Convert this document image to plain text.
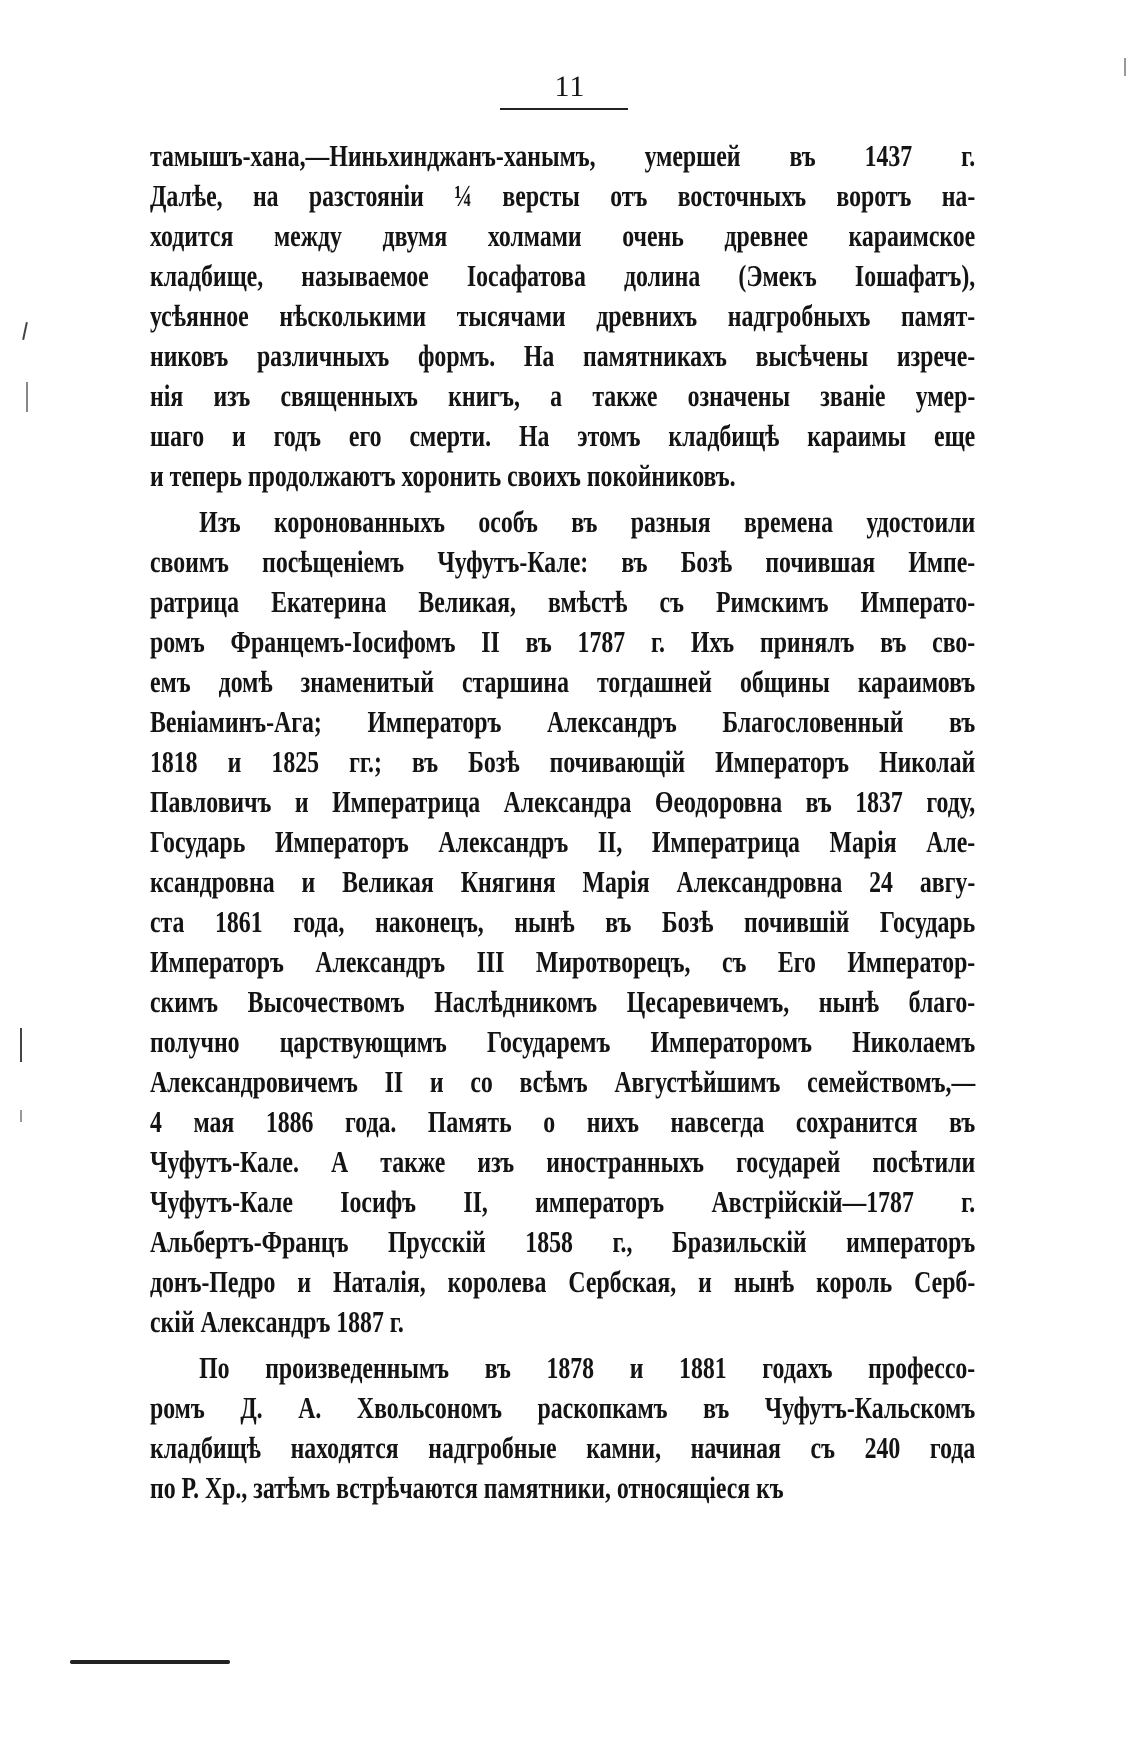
11
тамышъ-хана,—Ниньхинджанъ-ханымъ, умершей въ 1437 г.
Далѣе, на разстояніи ¼ версты отъ восточныхъ воротъ на-
ходится между двумя холмами очень древнее караимское
кладбище, называемое Іосафатова долина (Эмекъ Іошафатъ),
усѣянное нѣсколькими тысячами древнихъ надгробныхъ памят-
никовъ различныхъ формъ. На памятникахъ высѣчены изрече-
нія изъ священныхъ книгъ, а также означены званіе умер-
шаго и годъ его смерти. На этомъ кладбищѣ караимы еще
и теперь продолжаютъ хоронить своихъ покойниковъ.
Изъ коронованныхъ особъ въ разныя времена удостоили
своимъ посѣщеніемъ Чуфутъ-Кале: въ Бозѣ почившая Импе-
ратрица Екатерина Великая, вмѣстѣ съ Римскимъ Императо-
ромъ Францемъ-Іосифомъ II въ 1787 г. Ихъ принялъ въ сво-
емъ домѣ знаменитый старшина тогдашней общины караимовъ
Веніаминъ-Ага; Императоръ Александръ Благословенный въ
1818 и 1825 гг.; въ Бозѣ почивающій Императоръ Николай
Павловичъ и Императрица Александра Өеодоровна въ 1837 году,
Государь Императоръ Александръ II, Императрица Марія Але-
ксандровна и Великая Княгиня Марія Александровна 24 авгу-
ста 1861 года, наконецъ, нынѣ въ Бозѣ почившій Государь
Императоръ Александръ III Миротворецъ, съ Его Император-
скимъ Высочествомъ Наслѣдникомъ Цесаревичемъ, нынѣ благо-
получно царствующимъ Государемъ Императоромъ Николаемъ
Александровичемъ II и со всѣмъ Августѣйшимъ семействомъ,—
4 мая 1886 года. Память о нихъ навсегда сохранится въ
Чуфутъ-Кале. А также изъ иностранныхъ государей посѣтили
Чуфутъ-Кале Іосифъ II, императоръ Австрійскій—1787 г.
Альбертъ-Францъ Прусскій 1858 г., Бразильскій императоръ
донъ-Педро и Наталія, королева Сербская, и нынѣ король Серб-
скій Александръ 1887 г.
По произведеннымъ въ 1878 и 1881 годахъ профессо-
ромъ Д. А. Хвольсономъ раскопкамъ въ Чуфутъ-Кальскомъ
кладбищѣ находятся надгробные камни, начиная съ 240 года
по Р. Хр., затѣмъ встрѣчаются памятники, относящіеся къ
